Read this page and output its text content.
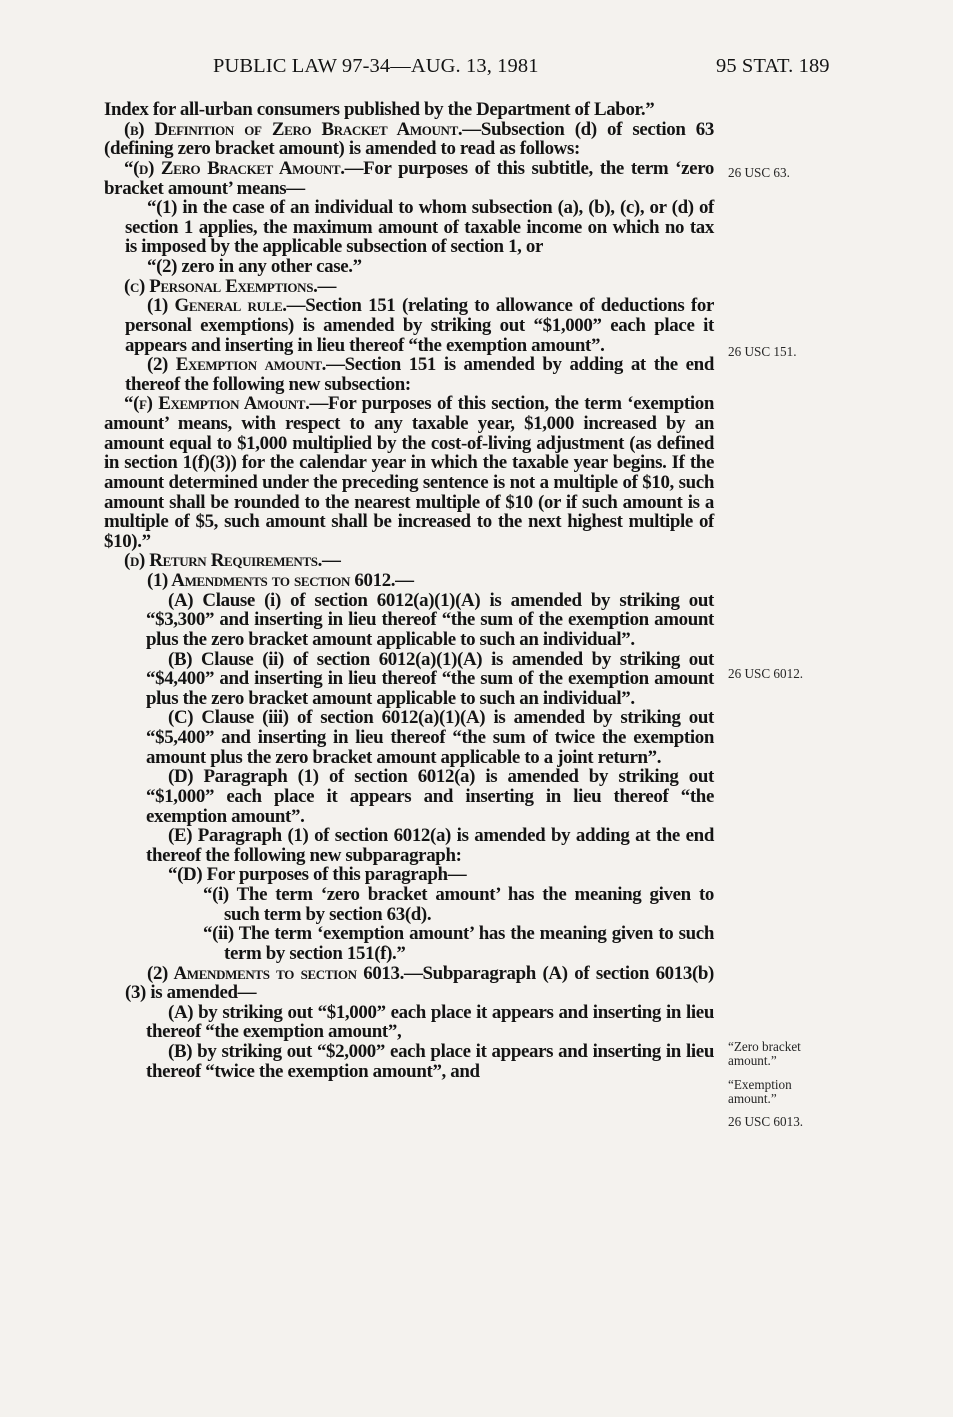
PUBLIC LAW 97-34—AUG. 13, 1981	95 STAT. 189

Index for all-urban consumers published by the Department of Labor.”

(b) Definition of Zero Bracket Amount.—Subsection (d) of section 63 (defining zero bracket amount) is amended to read as follows:

“(d) Zero Bracket Amount.—For purposes of this subtitle, the term ‘zero bracket amount’ means—

“(1) in the case of an individual to whom subsection (a), (b), (c), or (d) of section 1 applies, the maximum amount of taxable income on which no tax is imposed by the applicable subsection of section 1, or

“(2) zero in any other case.”

(c) Personal Exemptions.—

(1) General rule.—Section 151 (relating to allowance of deductions for personal exemptions) is amended by striking out “$1,000” each place it appears and inserting in lieu thereof “the exemption amount”.

(2) Exemption amount.—Section 151 is amended by adding at the end thereof the following new subsection:

“(f) Exemption Amount.—For purposes of this section, the term ‘exemption amount’ means, with respect to any taxable year, $1,000 increased by an amount equal to $1,000 multiplied by the cost-of-living adjustment (as defined in section 1(f)(3)) for the calendar year in which the taxable year begins. If the amount determined under the preceding sentence is not a multiple of $10, such amount shall be rounded to the nearest multiple of $10 (or if such amount is a multiple of $5, such amount shall be increased to the next highest multiple of $10).”

(d) Return Requirements.—

(1) Amendments to section 6012.—

(A) Clause (i) of section 6012(a)(1)(A) is amended by striking out “$3,300” and inserting in lieu thereof “the sum of the exemption amount plus the zero bracket amount applicable to such an individual”.

(B) Clause (ii) of section 6012(a)(1)(A) is amended by striking out “$4,400” and inserting in lieu thereof “the sum of the exemption amount plus the zero bracket amount applicable to such an individual”.

(C) Clause (iii) of section 6012(a)(1)(A) is amended by striking out “$5,400” and inserting in lieu thereof “the sum of twice the exemption amount plus the zero bracket amount applicable to a joint return”.

(D) Paragraph (1) of section 6012(a) is amended by striking out “$1,000” each place it appears and inserting in lieu thereof “the exemption amount”.

(E) Paragraph (1) of section 6012(a) is amended by adding at the end thereof the following new subparagraph:

“(D) For purposes of this paragraph—

“(i) The term ‘zero bracket amount’ has the meaning given to such term by section 63(d).

“(ii) The term ‘exemption amount’ has the meaning given to such term by section 151(f).”

(2) Amendments to section 6013.—Subparagraph (A) of section 6013(b)(3) is amended—

(A) by striking out “$1,000” each place it appears and inserting in lieu thereof “the exemption amount”,

(B) by striking out “$2,000” each place it appears and inserting in lieu thereof “twice the exemption amount”, and

26 USC 63.
26 USC 151.
26 USC 6012.
“Zero bracket amount.”
“Exemption amount.”
26 USC 6013.
